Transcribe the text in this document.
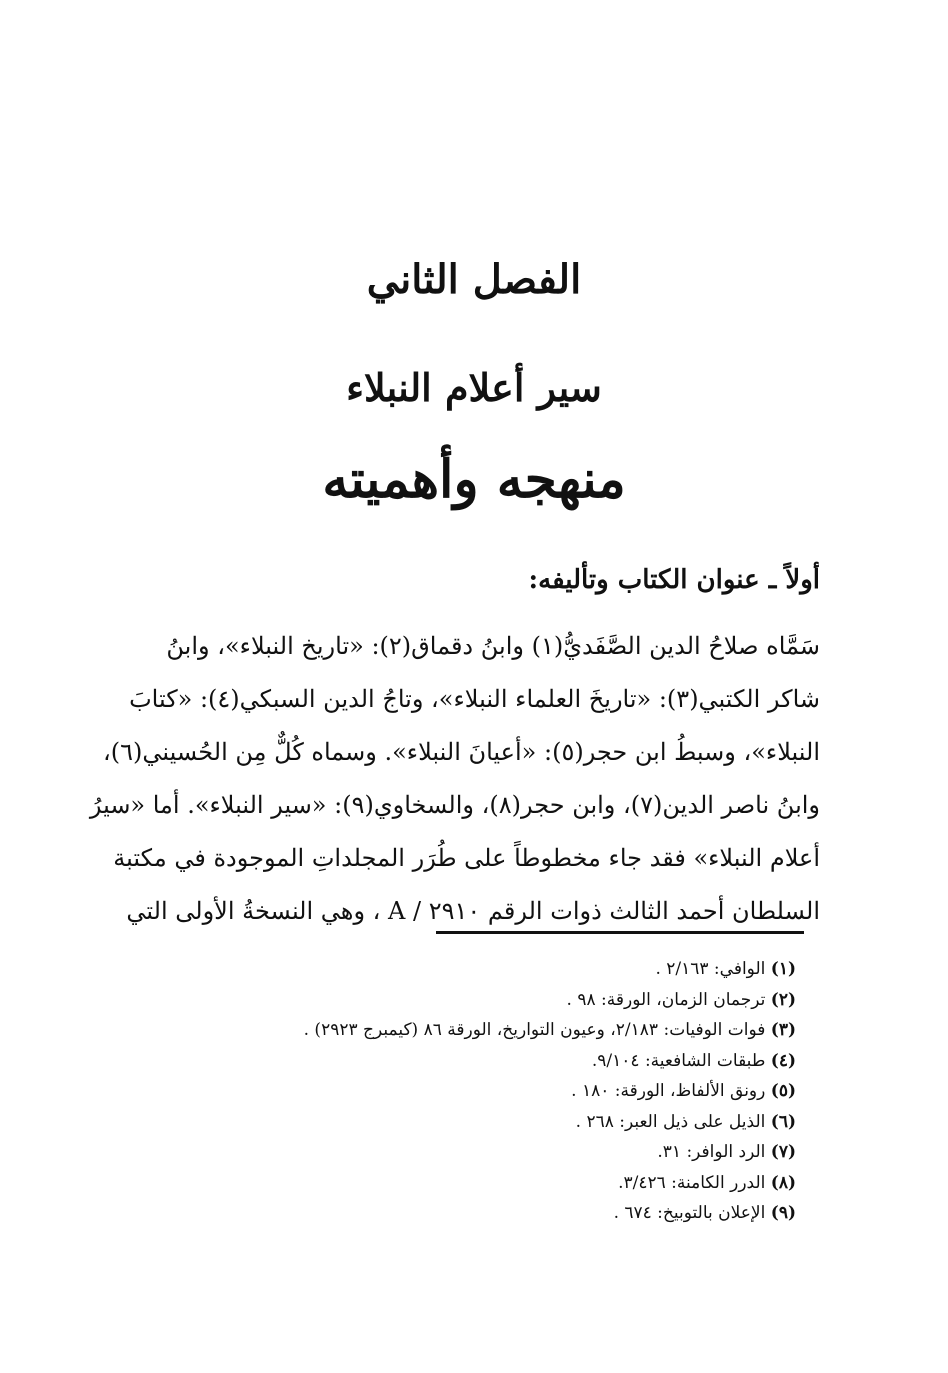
الفصل الثاني
سير أعلام النبلاء
منهجه وأهميته
أولاً ـ عنوان الكتاب وتأليفه:
سَمَّاه صلاحُ الدين الصَّفَديُّ(١) وابنُ دقماق(٢): «تاريخ النبلاء»، وابنُ
شاكر الكتبي(٣): «تاريخَ العلماء النبلاء»، وتاجُ الدين السبكي(٤): «كتابَ
النبلاء»، وسبطُ ابن حجر(٥): «أعيانَ النبلاء». وسماه كُلٌّ مِن الحُسيني(٦)،
وابنُ ناصر الدين(٧)، وابن حجر(٨)، والسخاوي(٩): «سير النبلاء». أما «سيرُ
أعلام النبلاء» فقد جاء مخطوطاً على طُرَر المجلداتِ الموجودة في مكتبة
السلطان أحمد الثالث ذوات الرقم ٢٩١٠ / A ، وهي النسخةُ الأولى التي
(١) الوافي: ٢/١٦٣ .
(٢) ترجمان الزمان، الورقة: ٩٨ .
(٣) فوات الوفيات: ٢/١٨٣، وعيون التواريخ، الورقة ٨٦ (كيمبرج ٢٩٢٣) .
(٤) طبقات الشافعية: ٩/١٠٤.
(٥) رونق الألفاظ، الورقة: ١٨٠ .
(٦) الذيل على ذيل العبر: ٢٦٨ .
(٧) الرد الوافر: ٣١.
(٨) الدرر الكامنة: ٣/٤٢٦.
(٩) الإعلان بالتوبيخ: ٦٧٤ .
